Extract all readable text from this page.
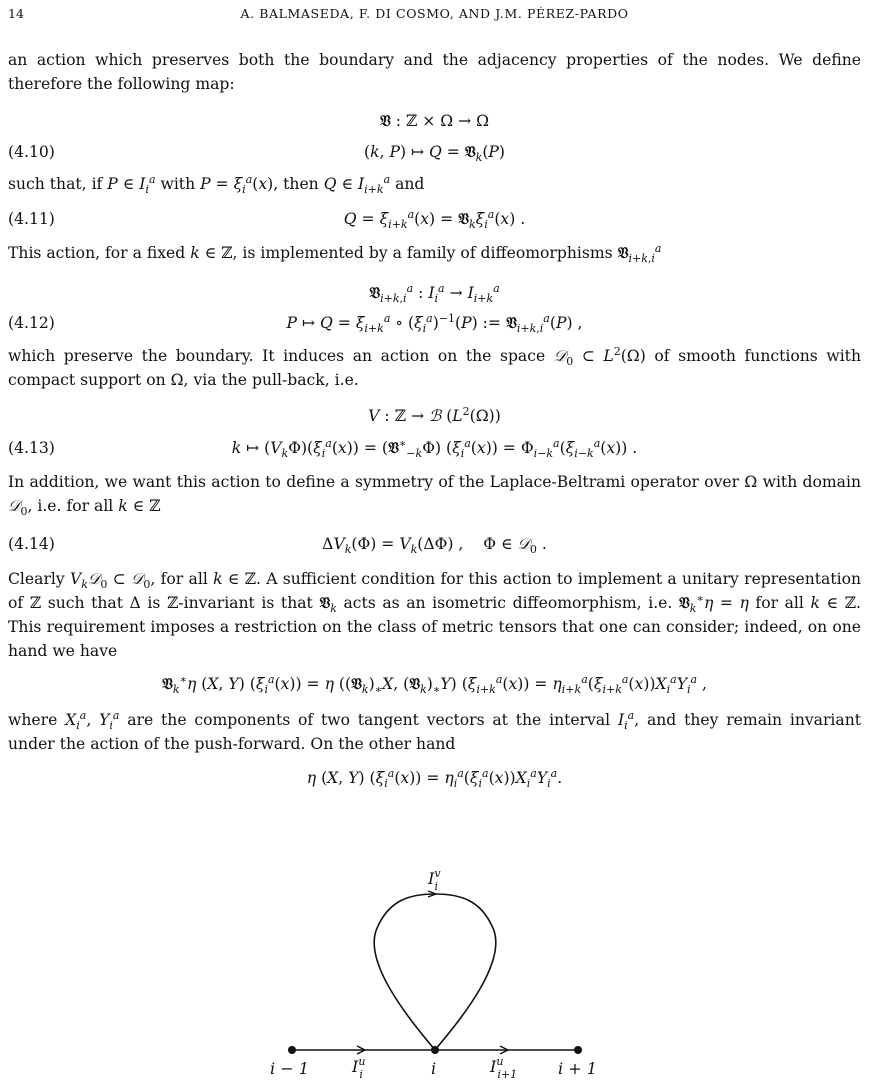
14	A. BALMASEDA, F. DI COSMO, AND J.M. PÉREZ-PARDO
an action which preserves both the boundary and the adjacency properties of the nodes. We define therefore the following map:
𝔙 : ℤ × Ω → Ω
(4.10)	(k, P) ↦ Q = 𝔙$_k$(P)
such that, if P ∈ $I_i^a$ with $P = \xi_i^a(x)$, then Q ∈ $I_{i+k}^a$ and
(4.11)	$Q = \xi_{i+k}^a(x)$ = $𝔙_k\xi_i^a(x)$ .
This action, for a fixed k ∈ ℤ, is implemented by a family of diffeomorphisms 𝔙$_{i+k,i}^a$
𝔙$_{i+k,i}^a$ : $I_i^a \to I_{i+k}^a$
(4.12)	P ↦ $Q = \xi_{i+k}^a$ ∘ $(\xi_i^a)^{-1}(P)$ := 𝔙$_{i+k,i}^a$(P) ,
which preserve the boundary. It induces an action on the space 𝒟$_0$ ⊂ $L^2(\Omega)$ of smooth functions with compact support on Ω, via the pull-back, i.e.
V : ℤ → ℬ $(L^2(\Omega))$
(4.13)	k ↦ $(V_k\Phi)(\xi_i^a(x))$ = (𝔙∗$_{-k}$Φ) $(\xi_i^a(x)) = \Phi_{i-k}^a(\xi_{i-k}^a(x))$ .
In addition, we want this action to define a symmetry of the Laplace-Beltrami operator over Ω with domain 𝒟$_0$, i.e. for all k ∈ ℤ
(4.14)	$\Delta V_k(\Phi) = V_k(\Delta\Phi)$ ,    Φ ∈ 𝒟$_0$ .
Clearly $V_k𝒟_0$ ⊂ 𝒟$_0$, for all k ∈ ℤ. A sufficient condition for this action to implement a unitary representation of ℤ such that Δ is ℤ-invariant is that 𝔙$_k$ acts as an isometric diffeomorphism, i.e. 𝔙$_k$∗η = η for all k ∈ ℤ. This requirement imposes a restriction on the class of metric tensors that one can consider; indeed, on one hand we have
𝔙$_k$∗η (X, Y) $(\xi_i^a(x)) = \eta$ ($(𝔙_k)_∗X$, $(𝔙_k)_∗Y$) $(\xi_{i+k}^a(x)) = \eta_{i+k}^a(\xi_{i+k}^a(x))X_i^aY_i^a$ ,
where $X_i^a$, $Y_i^a$ are the components of two tangent vectors at the interval $I_i^a$, and they remain invariant under the action of the push-forward. On the other hand
η (X, Y) $(\xi_i^a(x)) = \eta_i^a(\xi_i^a(x))X_i^aY_i^a$.
$I^v$ i
i − 1	i	i + 1
$I^u$ i	$I^u$ i+1
